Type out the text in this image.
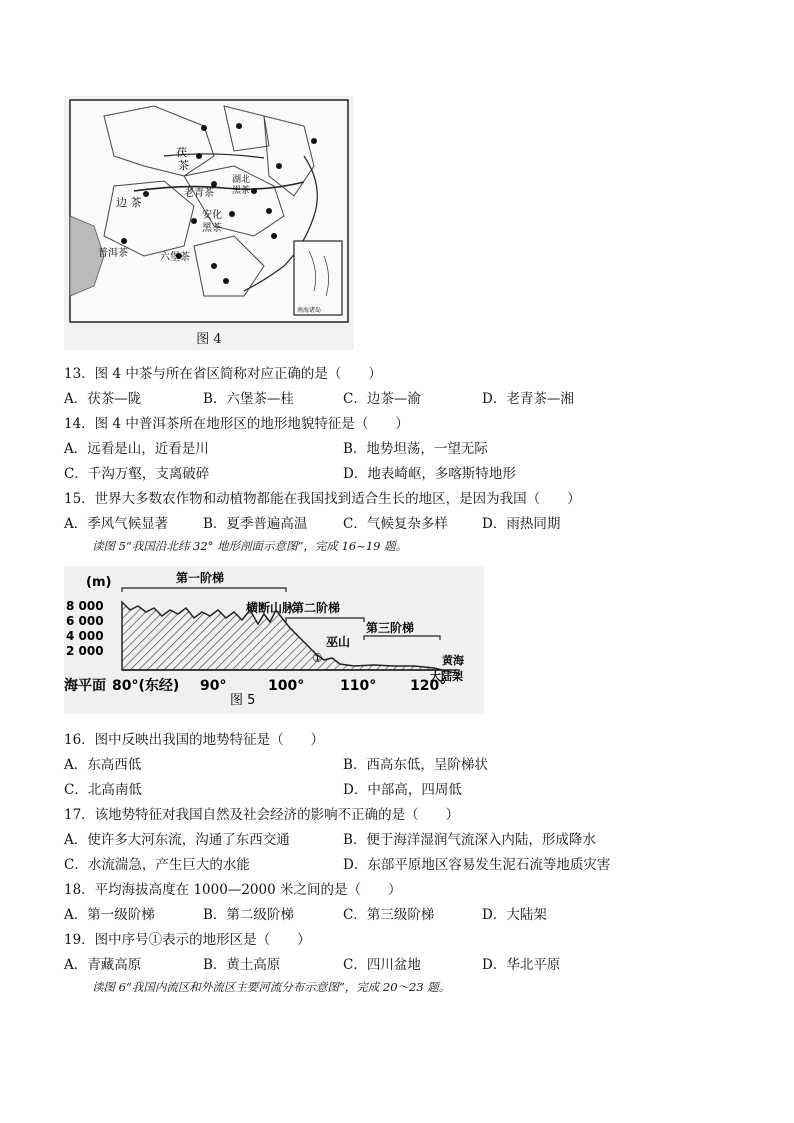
茯
茶
边 茶
老青茶
安化
黑茶
普洱茶	六堡茶
湖北
黑茶
南海诸岛
图 4
13．图 4 中茶与所在省区简称对应正确的是（　　）
A．茯茶—陇	B．六堡茶—桂	C．边茶—渝	D．老青茶—湘
14．图 4 中普洱茶所在地形区的地形地貌特征是（　　）
A．远看是山，近看是川	B．地势坦荡，一望无际
C．千沟万壑，支离破碎	D．地表崎岖，多喀斯特地形
15．世界大多数农作物和动植物都能在我国找到适合生长的地区，是因为我国（　　）
A．季风气候显著	B．夏季普遍高温	C．气候复杂多样	D．雨热同期
读图 5“我国沿北纬 32° 地形剖面示意图”，完成 16~19 题。
(m)
8 000
6 000
4 000
2 000
第一阶梯
第二阶梯
横断山脉
第三阶梯
巫山
黄海
大陆架
海平面 80°(东经) 90°	100°	110° 120°
图 5
16．图中反映出我国的地势特征是（　　）
A．东高西低	B．西高东低，呈阶梯状
C．北高南低	D．中部高，四周低
17．该地势特征对我国自然及社会经济的影响不正确的是（　　）
A．使许多大河东流，沟通了东西交通	B．便于海洋湿润气流深入内陆，形成降水
C．水流湍急，产生巨大的水能	D．东部平原地区容易发生泥石流等地质灾害
18．平均海拔高度在 1000—2000 米之间的是（　　）
A．第一级阶梯	B．第二级阶梯	C．第三级阶梯	D．大陆架
19．图中序号①表示的地形区是（　　）
A．青藏高原	B．黄土高原	C．四川盆地	D．华北平原
读图 6“我国内流区和外流区主要河流分布示意图”，完成 20～23 题。
